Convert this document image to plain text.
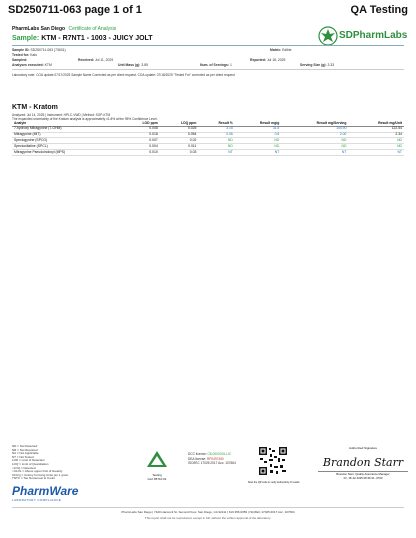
SD250711-063 page 1 of 1	QA Testing
PharmLabs San Diego Certificate of Analysis
Sample: KTM - R7NT1 - 1003 - JUICY JOLT	SDPharmLabs
Sample ID: SD250711-063 (73631)	Matrix: Edible
Tested for: Kalo
Sampled:	Received: Jul 11, 2025	Reported: Jul 18, 2025
Analyses executed: KTM	Unit Mass (g): 3.89	Num. of Servings: 1	Serving Size (g): 3.33
Laboratory note: COA update 07/17/2025 Sample Name Corrected as per client request. COA update: 07/18/2025 "Tested For" corrected as per client request
KTM - Kratom
Analyzed: Jul 14, 2025 | Instrument: HPLC-VWD | Method: SOP-KTM
The expanded uncertainty of the Kratom analysis is approximately ±1.8% at the 95% Confidence Level.
Analyte	LOD ppm	LOQ ppm	Result %	Result mg/g	Result mg/Serving	Result mg/Unit
7-hydroxy Mitragynine (7-OHM)	0.008	0.025	3.15	31.5	104.90	122.54
Mitragynine (MIT)	0.018	0.054	0.06	0.6	2.00	2.34
Speciogynine (SPCG)	0.007	0.02	ND	ND	ND	ND
Speciociliatine (SPCL)	0.004	0.011	ND	ND	ND	ND
Mitragynine Pseudoindoxyl (MPS)	0.010	0.03	NT	NT	NT	NT
ND = Not Detected
NR = Not Reported
NA = Not Applicable
NT = Not Tested
LOD = Limit of Detection
LOQ = Limit of Quantitation
<LOQ = Detected
>ULOL = Above upper limit of linearity
CFU/g = Colony Forming Units per 1 gram
TNTC = Too Numerous to Count
PharmWare
LABORATORY COMPLIANCE
Testing
Cert #5710.01
DCC license: C8-0000015-LIC
DEA license: RP0497450
ISO/IEC 17025:2017 Acc. 107664
Scan the QR code to verify authenticity of results.
Authorized Signature
Brandon Starr
Brandon Starr, Quality Assurance Manager
Fri, 18 Jul 2025 08:36:31 -0700
PharmLabs San Diego | 7420 Hancock St, Second Floor, San Diego, CA 92111 | 619.356.6059 | ISO/IEC 17025:2017 Acc. 107664
This report shall not be reproduced, except in full, without the written approval of the laboratory.
